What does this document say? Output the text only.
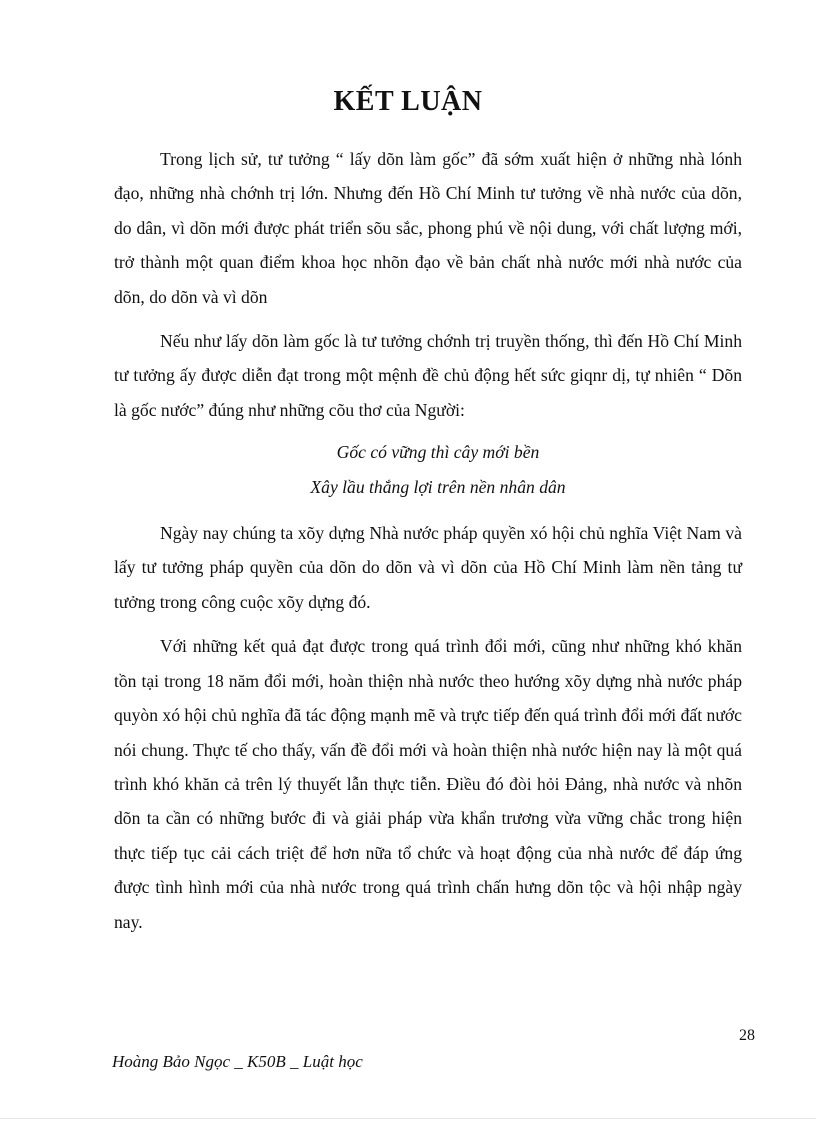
KẾT LUẬN

Trong lịch sử, tư tưởng “ lấy dõn làm gốc” đã sớm xuất hiện ở những nhà lónh đạo, những nhà chớnh trị lớn. Nhưng đến Hồ Chí Minh tư tưởng về nhà nước của dõn, do dân, vì dõn mới được phát triển sõu sắc, phong phú về nội dung, với chất lượng mới, trở thành một quan điểm khoa học nhõn đạo về bản chất nhà nước mới nhà nước của dõn, do dõn và vì dõn

Nếu như lấy dõn làm gốc là tư tưởng chớnh trị truyền thống, thì đến Hồ Chí Minh tư tưởng ấy được diễn đạt trong một mệnh đề chủ động hết sức giqnr dị, tự nhiên “ Dõn là gốc nước” đúng như những cõu thơ của Người:

Gốc có vững thì cây mới bền

Xây lầu thắng lợi trên nền nhân dân

Ngày nay chúng ta xõy dựng Nhà nước pháp quyền xó hội chủ nghĩa Việt Nam và lấy tư tưởng pháp quyền của dõn do dõn và vì dõn của Hồ Chí Minh làm nền tảng tư tưởng trong công cuộc xõy dựng đó.

Với những kết quả đạt được trong quá trình đổi mới, cũng như những khó khăn tồn tại trong 18 năm đổi mới, hoàn thiện nhà nước theo hướng xõy dựng nhà nước pháp quyòn xó hội chủ nghĩa đã tác động mạnh mẽ và trực tiếp đến quá trình đổi mới đất nước nói chung. Thực tế cho thấy, vấn đề đổi mới và hoàn thiện nhà nước hiện nay là một quá trình khó khăn cả trên lý thuyết lẫn thực tiễn. Điều đó đòi hỏi Đảng, nhà nước và nhõn dõn ta cần có những bước đi và giải pháp vừa khẩn trương vừa vững chắc trong hiện thực tiếp tục cải cách triệt để hơn nữa tổ chức và hoạt động của nhà nước để đáp ứng được tình hình mới của nhà nước trong quá trình chấn hưng dõn tộc và hội nhập ngày nay.

28
Hoàng Bảo Ngọc _ K50B _ Luật học
